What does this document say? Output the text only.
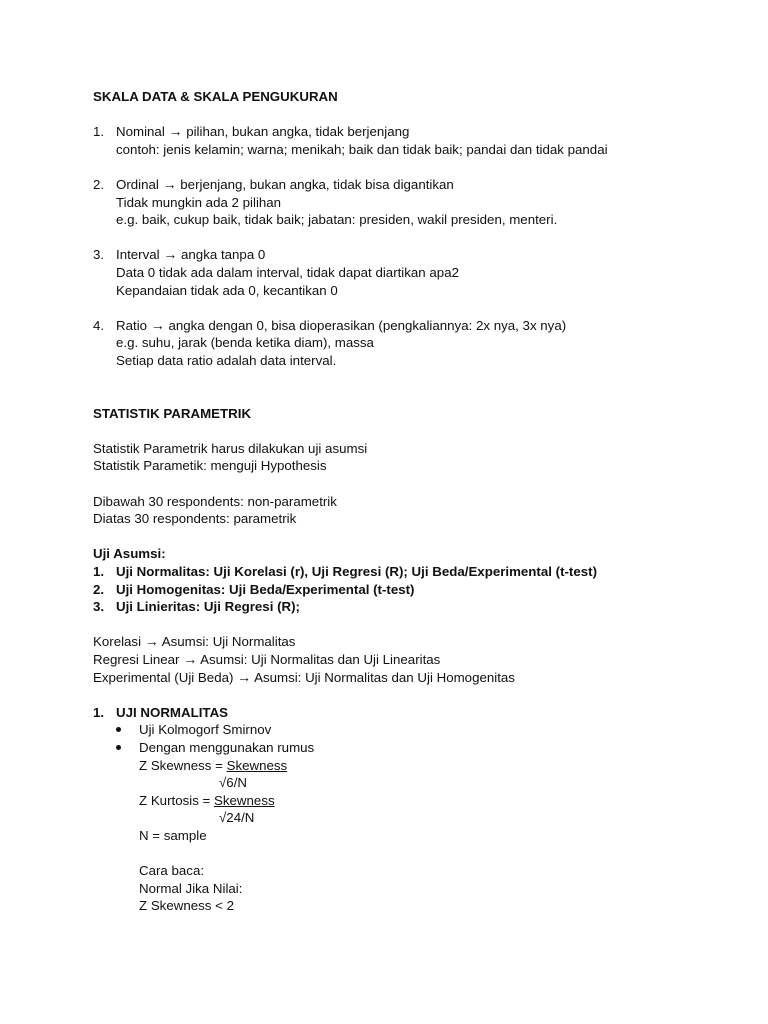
SKALA DATA & SKALA PENGUKURAN
1. Nominal → pilihan, bukan angka, tidak berjenjang
contoh: jenis kelamin; warna; menikah; baik dan tidak baik; pandai dan tidak pandai
2. Ordinal → berjenjang, bukan angka, tidak bisa digantikan
Tidak mungkin ada 2 pilihan
e.g. baik, cukup baik, tidak baik; jabatan: presiden, wakil presiden, menteri.
3. Interval → angka tanpa 0
Data 0 tidak ada dalam interval, tidak dapat diartikan apa2
Kepandaian tidak ada 0, kecantikan 0
4. Ratio → angka dengan 0, bisa dioperasikan (pengkaliannya: 2x nya, 3x nya)
e.g. suhu, jarak (benda ketika diam), massa
Setiap data ratio adalah data interval.
STATISTIK PARAMETRIK
Statistik Parametrik harus dilakukan uji asumsi
Statistik Parametik: menguji Hypothesis
Dibawah 30 respondents: non-parametrik
Diatas 30 respondents: parametrik
Uji Asumsi:
1. Uji Normalitas: Uji Korelasi (r), Uji Regresi (R); Uji Beda/Experimental (t-test)
2. Uji Homogenitas: Uji Beda/Experimental (t-test)
3. Uji Linieritas: Uji Regresi (R);
Korelasi → Asumsi: Uji Normalitas
Regresi Linear → Asumsi: Uji Normalitas dan Uji Linearitas
Experimental (Uji Beda) → Asumsi: Uji Normalitas dan Uji Homogenitas
1. UJI NORMALITAS
Uji Kolmogorf Smirnov
Dengan menggunakan rumus
Z Skewness = Skewness
√6/N
Z Kurtosis = Skewness
√24/N
N = sample
Cara baca:
Normal Jika Nilai:
Z Skewness < 2
